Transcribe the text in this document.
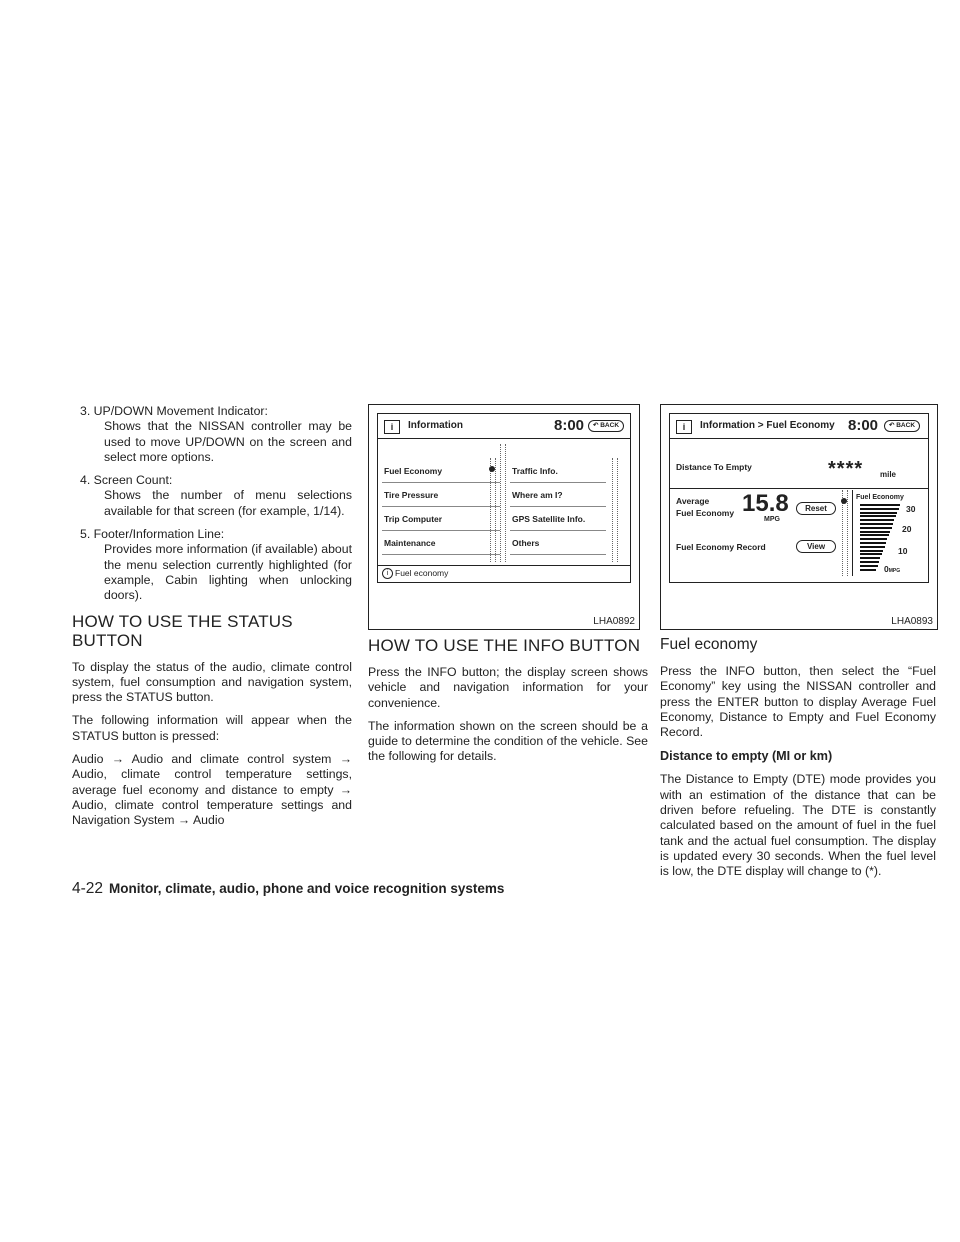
3. UP/DOWN Movement Indicator:
Shows that the NISSAN controller may be used to move UP/DOWN on the screen and select more options.
4. Screen Count:
Shows the number of menu selections available for that screen (for example, 1/14).
5. Footer/Information Line:
Provides more information (if available) about the menu selection currently highlighted (for example, Cabin lighting when unlocking doors).
HOW TO USE THE STATUS BUTTON

To display the status of the audio, climate control system, fuel consumption and navigation system, press the STATUS button.

The following information will appear when the STATUS button is pressed:

Audio → Audio and climate control system → Audio, climate control temperature settings, average fuel economy and distance to empty → Audio, climate control temperature settings and Navigation System → Audio

i	Information	8:00	↶ BACK
Fuel Economy
Tire Pressure
Trip Computer
Maintenance
Traffic Info.
Where am I?
GPS Satellite Info.
Others
i Fuel economy
LHA0892
HOW TO USE THE INFO BUTTON

Press the INFO button; the display screen shows vehicle and navigation information for your convenience.

The information shown on the screen should be a guide to determine the condition of the vehicle. See the following for details.

i	Information > Fuel Economy 8:00	↶ BACK
Distance To Empty	**** mile
Average
Fuel Economy 15.8
MPG
Reset
Fuel Economy Record	View
Fuel Economy
30
20
10
0MPG
LHA0893
Fuel economy

Press the INFO button, then select the “Fuel Economy” key using the NISSAN controller and press the ENTER button to display Average Fuel Economy, Distance to Empty and Fuel Economy Record.

Distance to empty (MI or km)

The Distance to Empty (DTE) mode provides you with an estimation of the distance that can be driven before refueling. The DTE is constantly calculated based on the amount of fuel in the fuel tank and the actual fuel consumption. The display is updated every 30 seconds. When the fuel level is low, the DTE display will change to (*).

4-22 Monitor, climate, audio, phone and voice recognition systems
